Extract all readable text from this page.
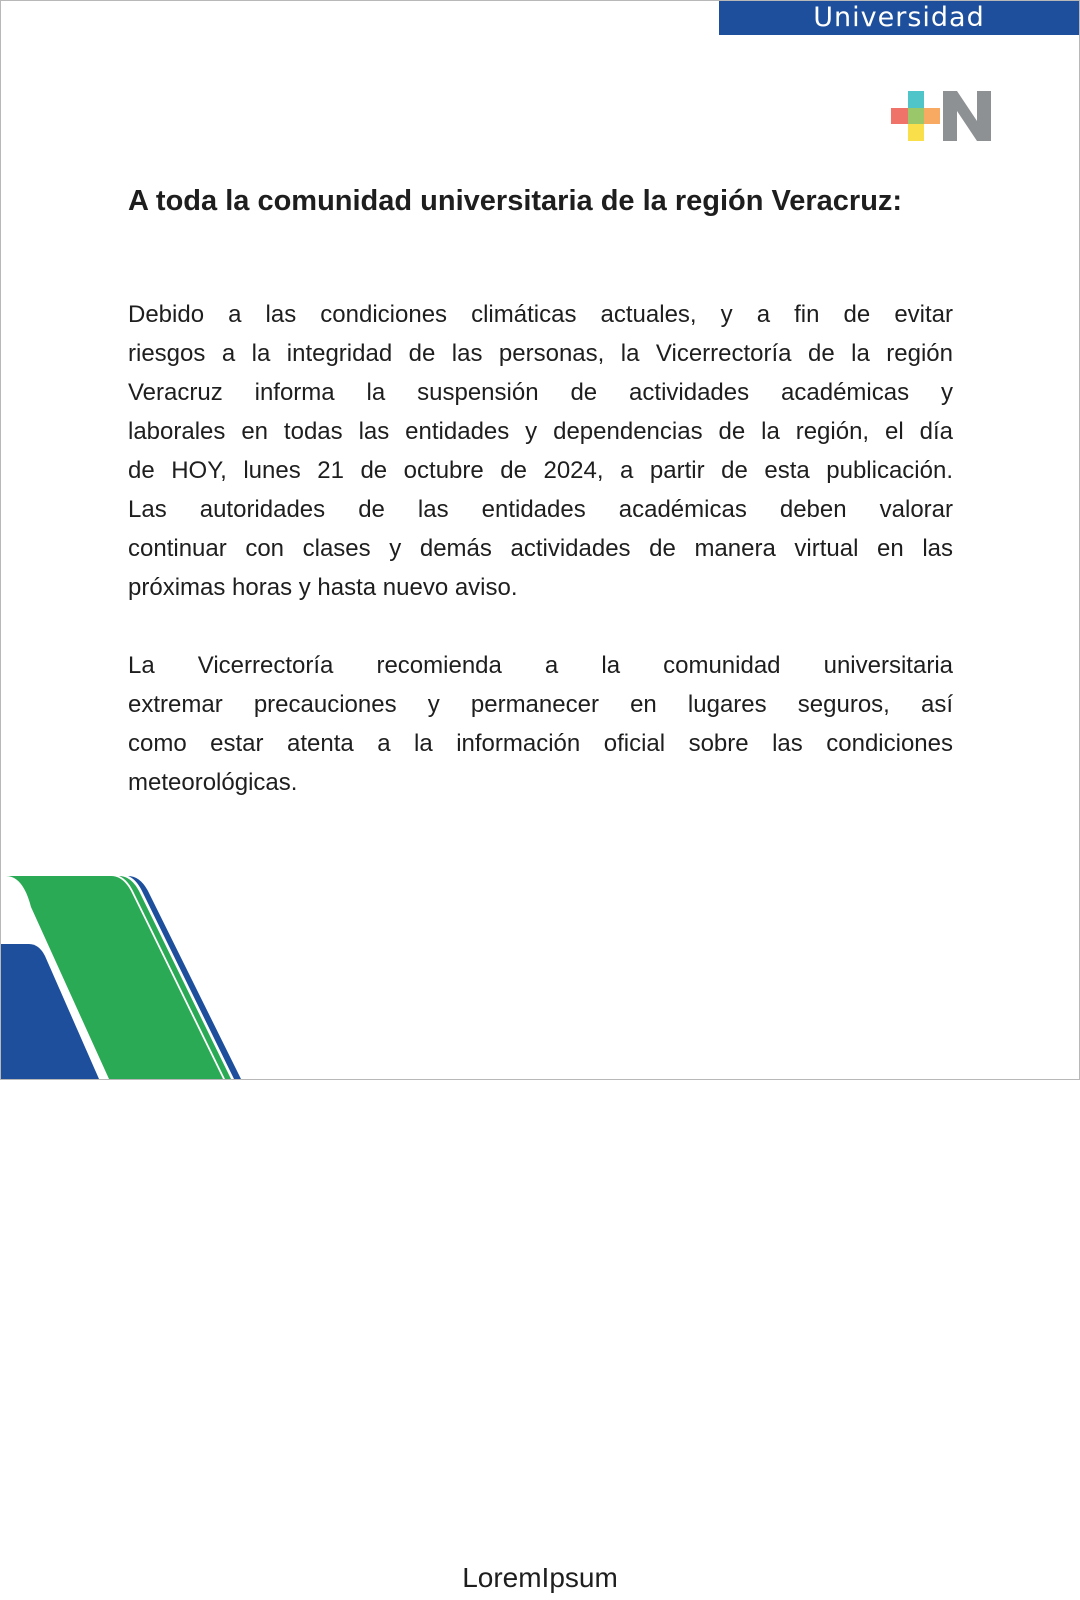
Universidad Veracruzana
A toda la comunidad universitaria de la región Veracruz:
Debido a las condiciones climáticas actuales, y a fin de evitar
riesgos a la integridad de las personas, la Vicerrectoría de la región
Veracruz informa la suspensión de actividades académicas y
laborales en todas las entidades y dependencias de la región, el día
de HOY, lunes 21 de octubre de 2024, a partir de esta publicación.
Las autoridades de las entidades académicas deben valorar
continuar con clases y demás actividades de manera virtual en las
próximas horas y hasta nuevo aviso.
La Vicerrectoría recomienda a la comunidad universitaria
extremar precauciones y permanecer en lugares seguros, así
como estar atenta a la información oficial sobre las condiciones
meteorológicas.
LoremIpsum
